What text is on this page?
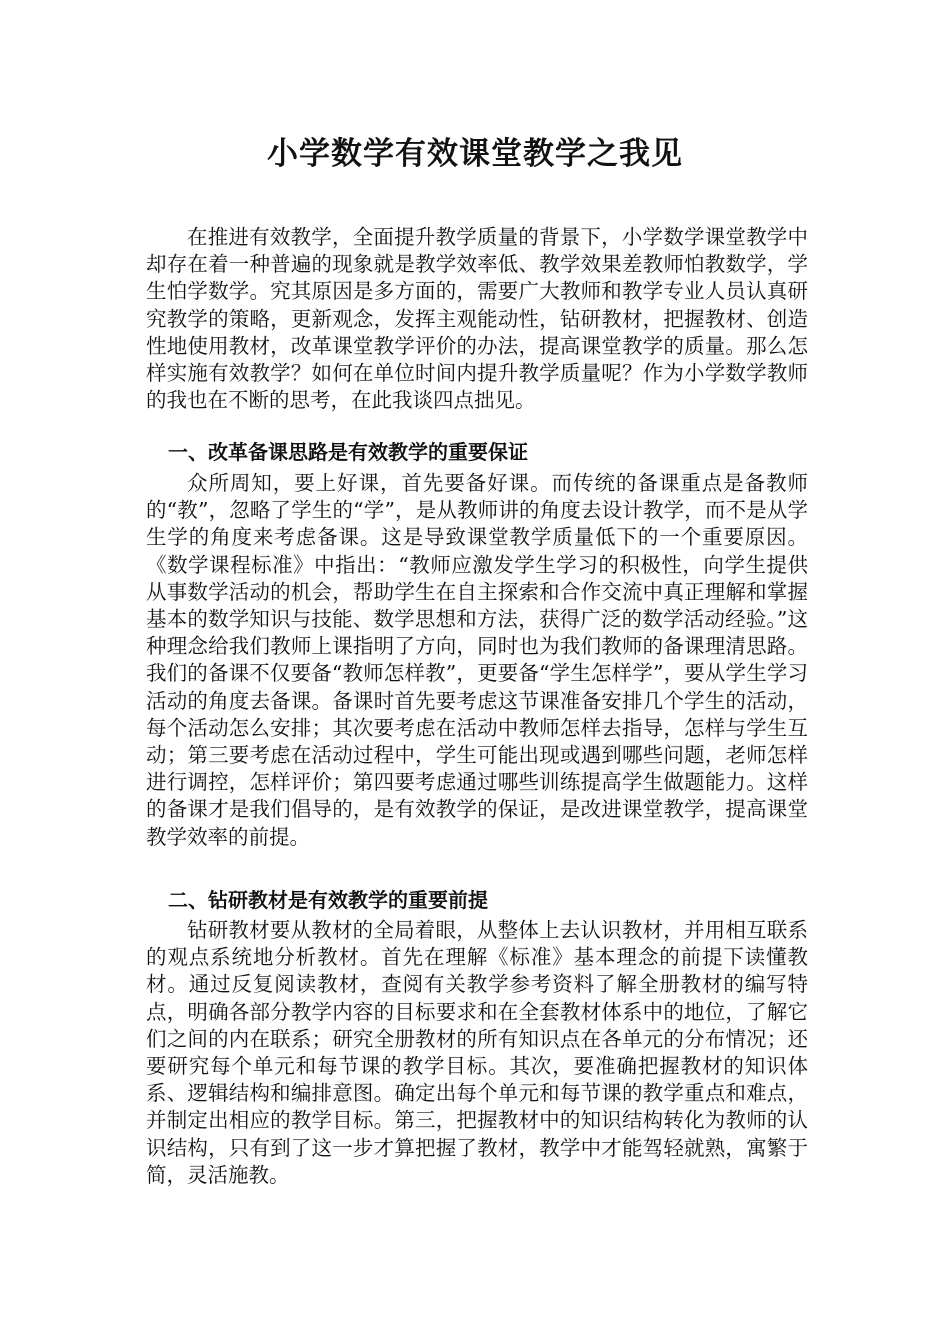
小学数学有效课堂教学之我见

在推进有效教学，全面提升教学质量的背景下，小学数学课堂教学中却存在着一种普遍的现象就是教学效率低、教学效果差教师怕教数学，学生怕学数学。究其原因是多方面的，需要广大教师和教学专业人员认真研究教学的策略，更新观念，发挥主观能动性，钻研教材，把握教材、创造性地使用教材，改革课堂教学评价的办法，提高课堂教学的质量。那么怎样实施有效教学？如何在单位时间内提升教学质量呢？作为小学数学教师的我也在不断的思考，在此我谈四点拙见。

一、改革备课思路是有效教学的重要保证

众所周知，要上好课，首先要备好课。而传统的备课重点是备教师的“教”，忽略了学生的“学”，是从教师讲的角度去设计教学，而不是从学生学的角度来考虑备课。这是导致课堂教学质量低下的一个重要原因。《数学课程标准》中指出：“教师应激发学生学习的积极性，向学生提供从事数学活动的机会，帮助学生在自主探索和合作交流中真正理解和掌握基本的数学知识与技能、数学思想和方法，获得广泛的数学活动经验。”这种理念给我们教师上课指明了方向，同时也为我们教师的备课理清思路。我们的备课不仅要备“教师怎样教”，更要备“学生怎样学”，要从学生学习活动的角度去备课。备课时首先要考虑这节课准备安排几个学生的活动，每个活动怎么安排；其次要考虑在活动中教师怎样去指导，怎样与学生互动；第三要考虑在活动过程中，学生可能出现或遇到哪些问题，老师怎样进行调控，怎样评价；第四要考虑通过哪些训练提高学生做题能力。这样的备课才是我们倡导的，是有效教学的保证，是改进课堂教学，提高课堂教学效率的前提。

二、钻研教材是有效教学的重要前提

钻研教材要从教材的全局着眼，从整体上去认识教材，并用相互联系的观点系统地分析教材。首先在理解《标准》基本理念的前提下读懂教材。通过反复阅读教材，查阅有关教学参考资料了解全册教材的编写特点，明确各部分教学内容的目标要求和在全套教材体系中的地位，了解它们之间的内在联系；研究全册教材的所有知识点在各单元的分布情况；还要研究每个单元和每节课的教学目标。其次，要准确把握教材的知识体系、逻辑结构和编排意图。确定出每个单元和每节课的教学重点和难点，并制定出相应的教学目标。第三，把握教材中的知识结构转化为教师的认识结构，只有到了这一步才算把握了教材，教学中才能驾轻就熟，寓繁于简，灵活施教。
